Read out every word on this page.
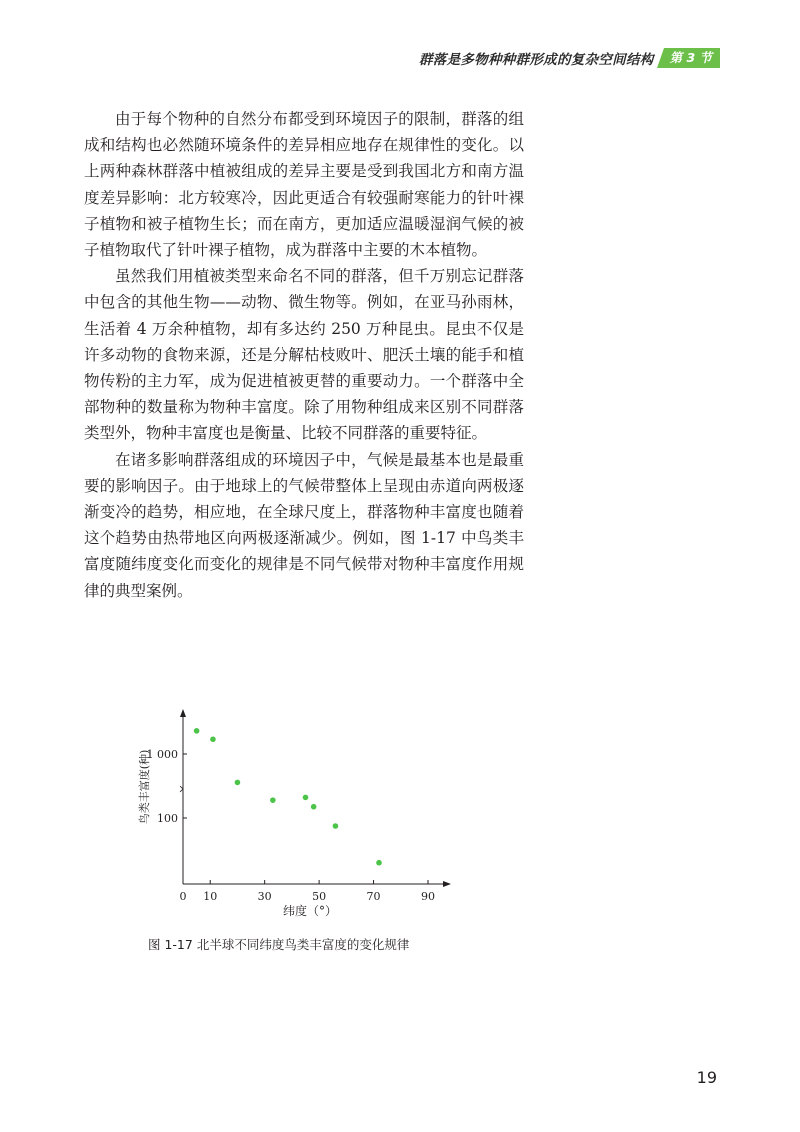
群落是多物种种群形成的复杂空间结构	第 3 节

由于每个物种的自然分布都受到环境因子的限制，群落的组成和结构也必然随环境条件的差异相应地存在规律性的变化。以上两种森林群落中植被组成的差异主要是受到我国北方和南方温度差异影响：北方较寒冷，因此更适合有较强耐寒能力的针叶裸子植物和被子植物生长；而在南方，更加适应温暖湿润气候的被子植物取代了针叶裸子植物，成为群落中主要的木本植物。

虽然我们用植被类型来命名不同的群落，但千万别忘记群落中包含的其他生物——动物、微生物等。例如，在亚马孙雨林，生活着 4 万余种植物，却有多达约 250 万种昆虫。昆虫不仅是许多动物的食物来源，还是分解枯枝败叶、肥沃土壤的能手和植物传粉的主力军，成为促进植被更替的重要动力。一个群落中全部物种的数量称为物种丰富度。除了用物种组成来区别不同群落类型外，物种丰富度也是衡量、比较不同群落的重要特征。

在诸多影响群落组成的环境因子中，气候是最基本也是最重要的影响因子。由于地球上的气候带整体上呈现由赤道向两极逐渐变冷的趋势，相应地，在全球尺度上，群落物种丰富度也随着这个趋势由热带地区向两极逐渐减少。例如，图 1-17 中鸟类丰富度随纬度变化而变化的规律是不同气候带对物种丰富度作用规律的典型案例。

0 10	30	50	70	90
100
1 000
纬度（°）
鸟类丰富度(种)
图 1-17 北半球不同纬度鸟类丰富度的变化规律
19
